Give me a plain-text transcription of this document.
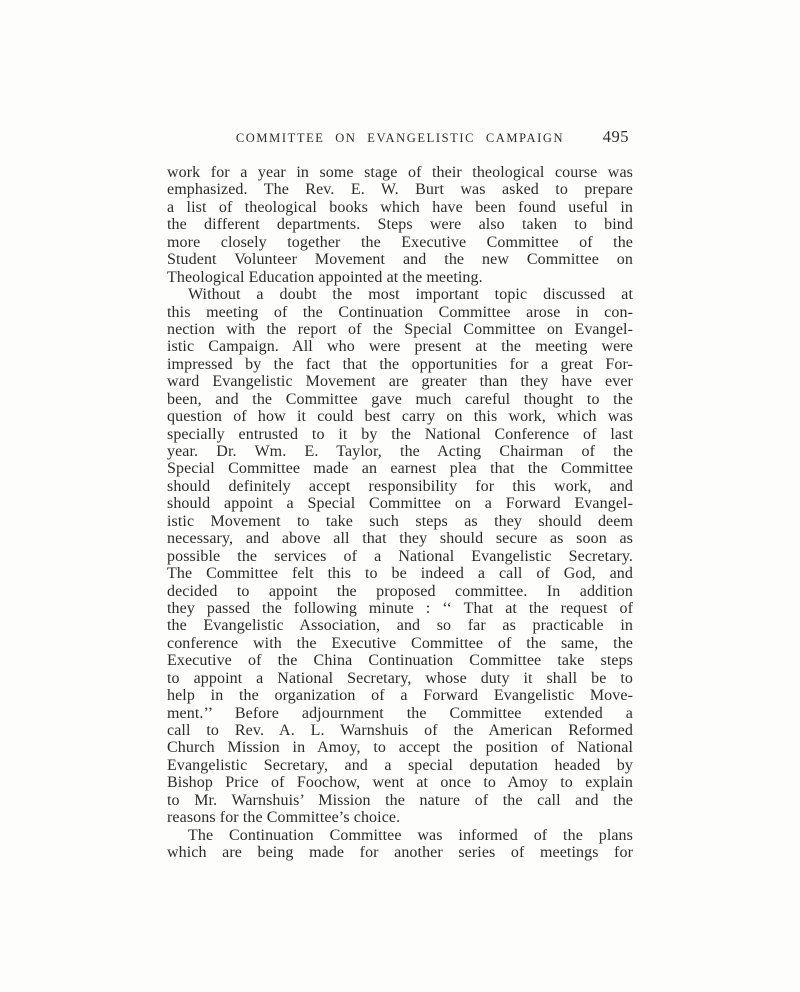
COMMITTEE ON EVANGELISTIC CAMPAIGN	495
work for a year in some stage of their theological course was
emphasized. The Rev. E. W. Burt was asked to prepare
a list of theological books which have been found useful in
the different departments. Steps were also taken to bind
more closely together the Executive Committee of the
Student Volunteer Movement and the new Committee on
Theological Education appointed at the meeting.
Without a doubt the most important topic discussed at
this meeting of the Continuation Committee arose in con-
nection with the report of the Special Committee on Evangel-
istic Campaign. All who were present at the meeting were
impressed by the fact that the opportunities for a great For-
ward Evangelistic Movement are greater than they have ever
been, and the Committee gave much careful thought to the
question of how it could best carry on this work, which was
specially entrusted to it by the National Conference of last
year. Dr. Wm. E. Taylor, the Acting Chairman of the
Special Committee made an earnest plea that the Committee
should definitely accept responsibility for this work, and
should appoint a Special Committee on a Forward Evangel-
istic Movement to take such steps as they should deem
necessary, and above all that they should secure as soon as
possible the services of a National Evangelistic Secretary.
The Committee felt this to be indeed a call of God, and
decided to appoint the proposed committee. In addition
they passed the following minute : ‘‘ That at the request of
the Evangelistic Association, and so far as practicable in
conference with the Executive Committee of the same, the
Executive of the China Continuation Committee take steps
to appoint a National Secretary, whose duty it shall be to
help in the organization of a Forward Evangelistic Move-
ment.’’ Before adjournment the Committee extended a
call to Rev. A. L. Warnshuis of the American Reformed
Church Mission in Amoy, to accept the position of National
Evangelistic Secretary, and a special deputation headed by
Bishop Price of Foochow, went at once to Amoy to explain
to Mr. Warnshuis’ Mission the nature of the call and the
reasons for the Committee’s choice.
The Continuation Committee was informed of the plans
which are being made for another series of meetings for
